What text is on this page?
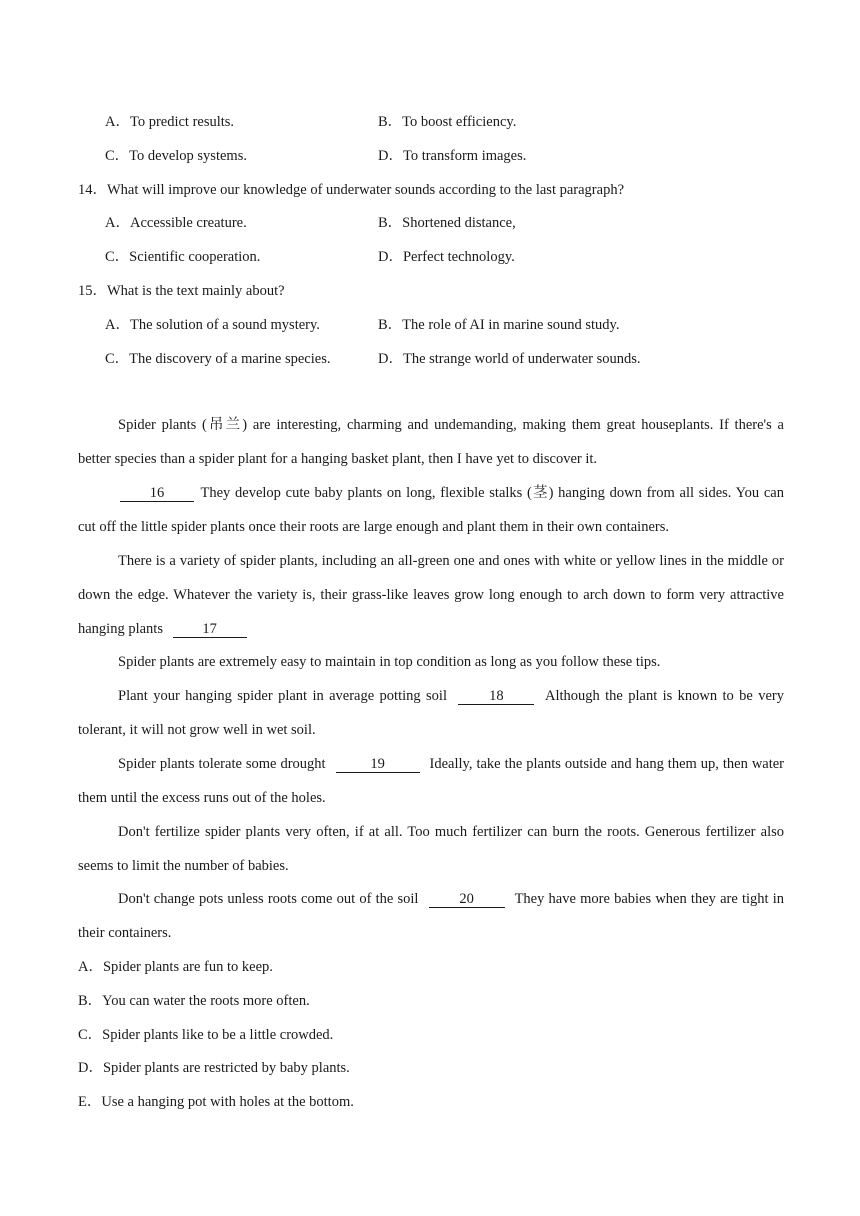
A．To predict results.	B．To boost efficiency.
C．To develop systems.	D．To transform images.
14．What will improve our knowledge of underwater sounds according to the last paragraph?
A．Accessible creature.	B．Shortened distance,
C．Scientific cooperation.	D．Perfect technology.
15．What is the text mainly about?
A．The solution of a sound mystery.	B．The role of AI in marine sound study.
C．The discovery of a marine species.	D．The strange world of underwater sounds.
Spider plants (吊兰) are interesting, charming and undemanding, making them great houseplants. If there's a better species than a spider plant for a hanging basket plant, then I have yet to discover it.
16 They develop cute baby plants on long, flexible stalks (茎) hanging down from all sides. You can cut off the little spider plants once their roots are large enough and plant them in their own containers.
There is a variety of spider plants, including an all-green one and ones with white or yellow lines in the middle or down the edge. Whatever the variety is, their grass-like leaves grow long enough to arch down to form very attractive hanging plants	17
Spider plants are extremely easy to maintain in top condition as long as you follow these tips.
Plant your hanging spider plant in average potting soil	18	Although the plant is known to be very tolerant, it will not grow well in wet soil.
Spider plants tolerate some drought	19	Ideally, take the plants outside and hang them up, then water them until the excess runs out of the holes.
Don't fertilize spider plants very often, if at all. Too much fertilizer can burn the roots. Generous fertilizer also seems to limit the number of babies.
Don't change pots unless roots come out of the soil	20	They have more babies when they are tight in their containers.
A．Spider plants are fun to keep.
B．You can water the roots more often.
C．Spider plants like to be a little crowded.
D．Spider plants are restricted by baby plants.
E．Use a hanging pot with holes at the bottom.
